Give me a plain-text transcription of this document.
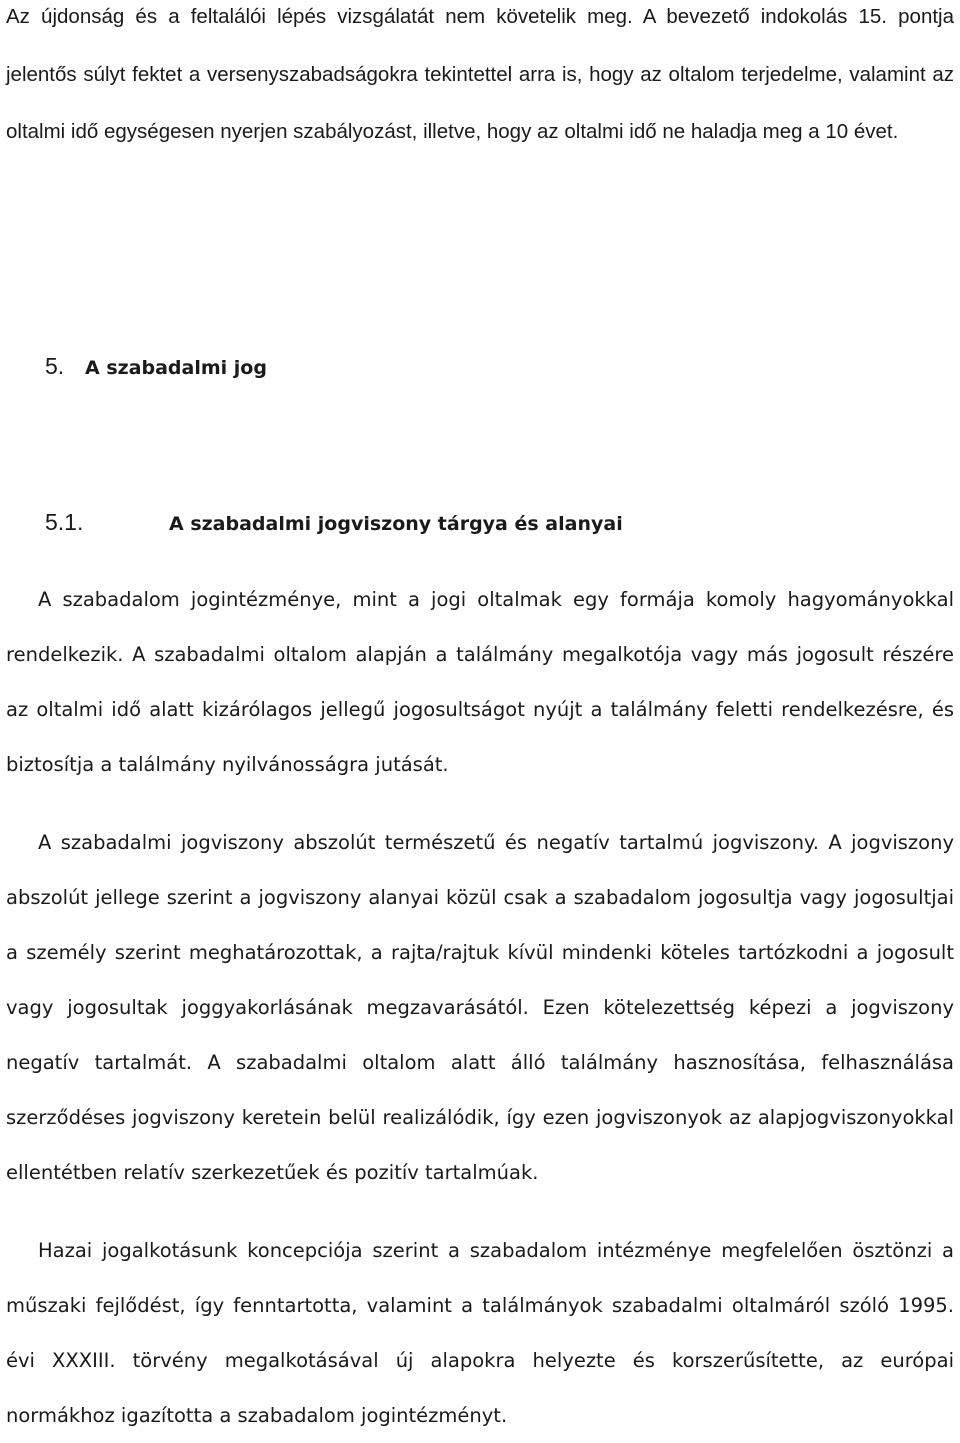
Az újdonság és a feltalálói lépés vizsgálatát nem követelik meg. A bevezető indokolás 15. pontja jelentős súlyt fektet a versenyszabadságokra tekintettel arra is, hogy az oltalom terjedelme, valamint az oltalmi idő egységesen nyerjen szabályozást, illetve, hogy az oltalmi idő ne haladja meg a 10 évet.

5. A szabadalmi jog
5.1.	A szabadalmi jogviszony tárgya és alanyai

A szabadalom jogintézménye, mint a jogi oltalmak egy formája komoly hagyományokkal rendelkezik. A szabadalmi oltalom alapján a találmány megalkotója vagy más jogosult részére az oltalmi idő alatt kizárólagos jellegű jogosultságot nyújt a találmány feletti rendelkezésre, és biztosítja a találmány nyilvánosságra jutását.

A szabadalmi jogviszony abszolút természetű és negatív tartalmú jogviszony. A jogviszony abszolút jellege szerint a jogviszony alanyai közül csak a szabadalom jogosultja vagy jogosultjai a személy szerint meghatározottak, a rajta/rajtuk kívül mindenki köteles tartózkodni a jogosult vagy jogosultak joggyakorlásának megzavarásától. Ezen kötelezettség képezi a jogviszony negatív tartalmát. A szabadalmi oltalom alatt álló találmány hasznosítása, felhasználása szerződéses jogviszony keretein belül realizálódik, így ezen jogviszonyok az alapjogviszonyokkal ellentétben relatív szerkezetűek és pozitív tartalmúak.

Hazai jogalkotásunk koncepciója szerint a szabadalom intézménye megfelelően ösztönzi a műszaki fejlődést, így fenntartotta, valamint a találmányok szabadalmi oltalmáról szóló 1995. évi XXXIII. törvény megalkotásával új alapokra helyezte és korszerűsítette, az európai normákhoz igazította a szabadalom jogintézményt.
